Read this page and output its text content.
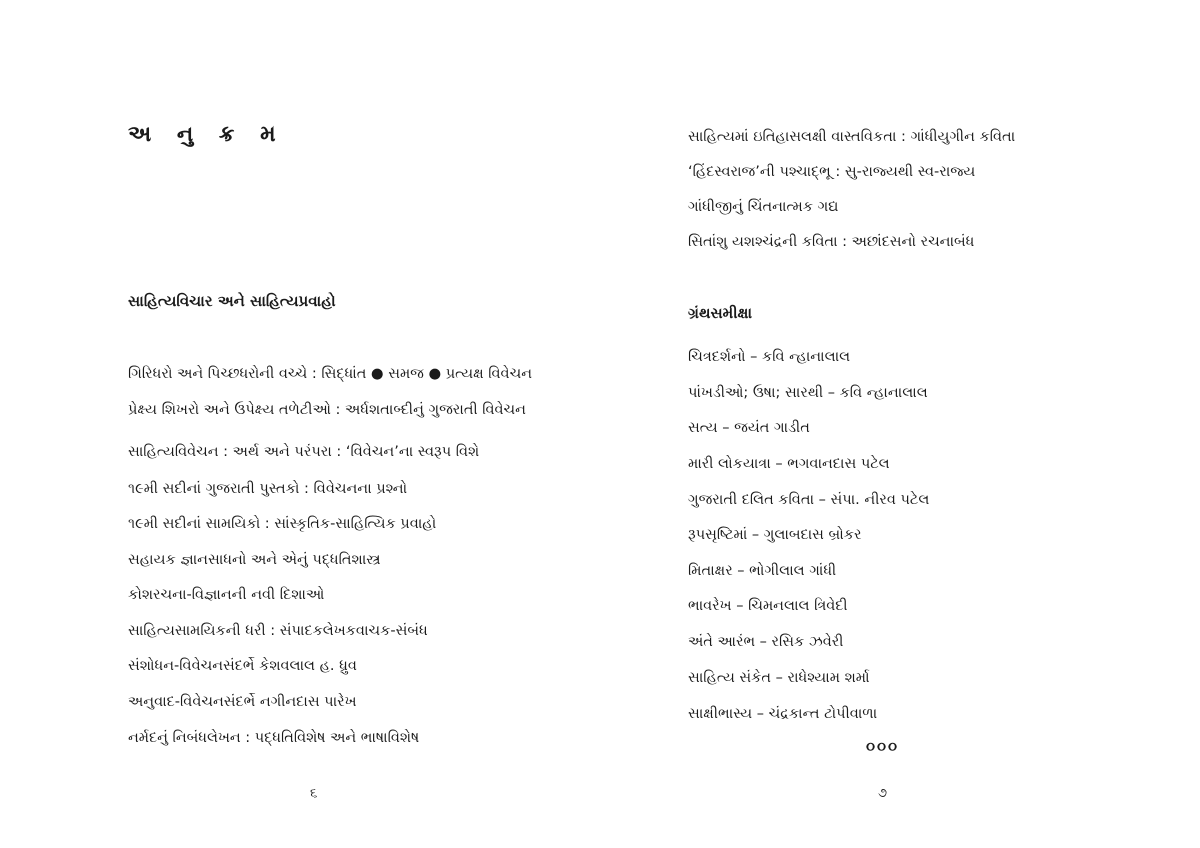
અ નુ ક્ર મ
સાહિત્યવિચાર અને સાહિત્યપ્રવાહો
ગિરિધરો અને પિચ્છધરોની વચ્ચે : સિદ્ધાંત ● સમજ ● પ્રત્યક્ષ વિવેચન
પ્રેક્ષ્ય શિખરો અને ઉપેક્ષ્ય તળેટીઓ : અર્ધશતાબ્દીનું ગુજરાતી વિવેચન
સાહિત્યવિવેચન : અર્થ અને પરંપરા : ‘વિવેચન’ના સ્વરૂપ વિશે
૧૯મી સદીનાં ગુજરાતી પુસ્તકો : વિવેચનના પ્રશ્નો
૧૯મી સદીનાં સામયિકો : સાંસ્કૃતિક-સાહિત્યિક પ્રવાહો
સહાયક જ્ઞાનસાધનો અને એનું પદ્ધતિશાસ્ત્ર
કોશરચના-વિજ્ઞાનની નવી દિશાઓ
સાહિત્યસામયિકની ધરી : સંપાદકલેખકવાચક-સંબંધ
સંશોધન-વિવેચનસંદર્ભે કેશવલાલ હ. ધ્રુવ
અનુવાદ-વિવેચનસંદર્ભે નગીનદાસ પારેખ
નર્મદનું નિબંધલેખન : પદ્ધતિવિશેષ અને ભાષાવિશેષ
૬
સાહિત્યમાં ઇતિહાસલક્ષી વાસ્તવિકતા : ગાંધીયુગીન કવિતા
‘હિંદસ્વરાજ’ની પશ્ચાદ્ભૂ : સુ-રાજ્યથી સ્વ-રાજ્ય
ગાંધીજીનું ચિંતનાત્મક ગદ્ય
સિતાંશુ યશશ્ચંદ્રની કવિતા : અછાંદસનો રચનાબંધ
ગ્રંથસમીક્ષા
ચિત્રદર્શનો – કવિ ન્હાનાલાલ
પાંખડીઓ; ઉષા; સારથી – કવિ ન્હાનાલાલ
સત્ય – જયંત ગાડીત
મારી લોકયાત્રા – ભગવાનદાસ પટેલ
ગુજરાતી દલિત કવિતા – સંપા. નીરવ પટેલ
રૂપસૃષ્ટિમાં – ગુલાબદાસ બ્રોકર
મિતાક્ષર – ભોગીલાલ ગાંધી
ભાવરેખ – ચિમનલાલ ત્રિવેદી
અંતે આરંભ – રસિક ઝવેરી
સાહિત્ય સંકેત – રાધેશ્યામ શર્મા
સાક્ષીભાસ્ય – ચંદ્રકાન્ત ટોપીવાળા
૦૦૦
૭
